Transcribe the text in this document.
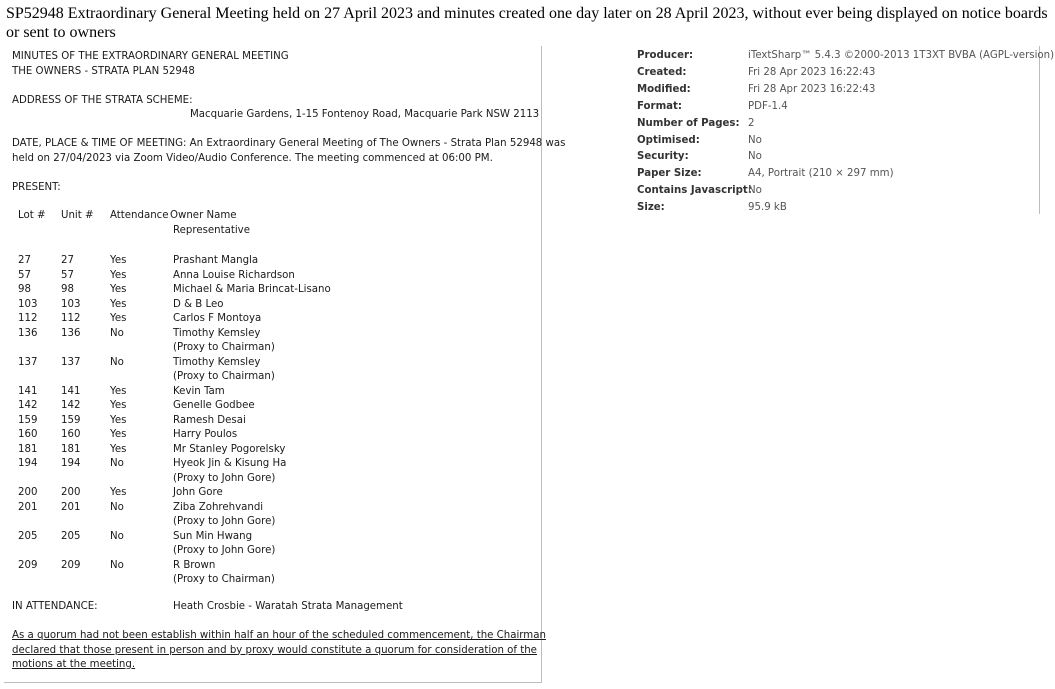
SP52948 Extraordinary General Meeting held on 27 April 2023 and minutes created one day later on 28 April 2023, without ever being displayed on notice boards or sent to owners
MINUTES OF THE EXTRAORDINARY GENERAL MEETING
THE OWNERS - STRATA PLAN 52948
ADDRESS OF THE STRATA SCHEME:
Macquarie Gardens, 1-15 Fontenoy Road, Macquarie Park NSW 2113
DATE, PLACE & TIME OF MEETING: An Extraordinary General Meeting of The Owners - Strata Plan 52948 was
held on 27/04/2023 via Zoom Video/Audio Conference. The meeting commenced at 06:00 PM.
PRESENT:
Lot # Unit # Attendance Owner Name
Representative
27	27	Yes	Prashant Mangla
57	57	Yes	Anna Louise Richardson
98	98	Yes	Michael & Maria Brincat-Lisano
103 103	Yes	D & B Leo
112 112	Yes	Carlos F Montoya
136 136	No	Timothy Kemsley
(Proxy to Chairman)
137 137	No	Timothy Kemsley
(Proxy to Chairman)
141 141	Yes	Kevin Tam
142 142	Yes	Genelle Godbee
159 159	Yes	Ramesh Desai
160 160	Yes	Harry Poulos
181 181	Yes	Mr Stanley Pogorelsky
194 194	No	Hyeok Jin & Kisung Ha
(Proxy to John Gore)
200 200	Yes	John Gore
201 201	No	Ziba Zohrehvandi
(Proxy to John Gore)
205 205	No	Sun Min Hwang
(Proxy to John Gore)
209 209	No	R Brown
(Proxy to Chairman)
IN ATTENDANCE:	Heath Crosbie - Waratah Strata Management
As a quorum had not been establish within half an hour of the scheduled commencement, the Chairman
declared that those present in person and by proxy would constitute a quorum for consideration of the
motions at the meeting.
Producer:	iTextSharp™ 5.4.3 ©2000-2013 1T3XT BVBA (AGPL-version)
Created:	Fri 28 Apr 2023 16:22:43
Modified:	Fri 28 Apr 2023 16:22:43
Format:	PDF-1.4
Number of Pages: 2
Optimised:	No
Security:	No
Paper Size:	A4, Portrait (210 × 297 mm)
Contains Javascript:
No
Size:	95.9 kB
